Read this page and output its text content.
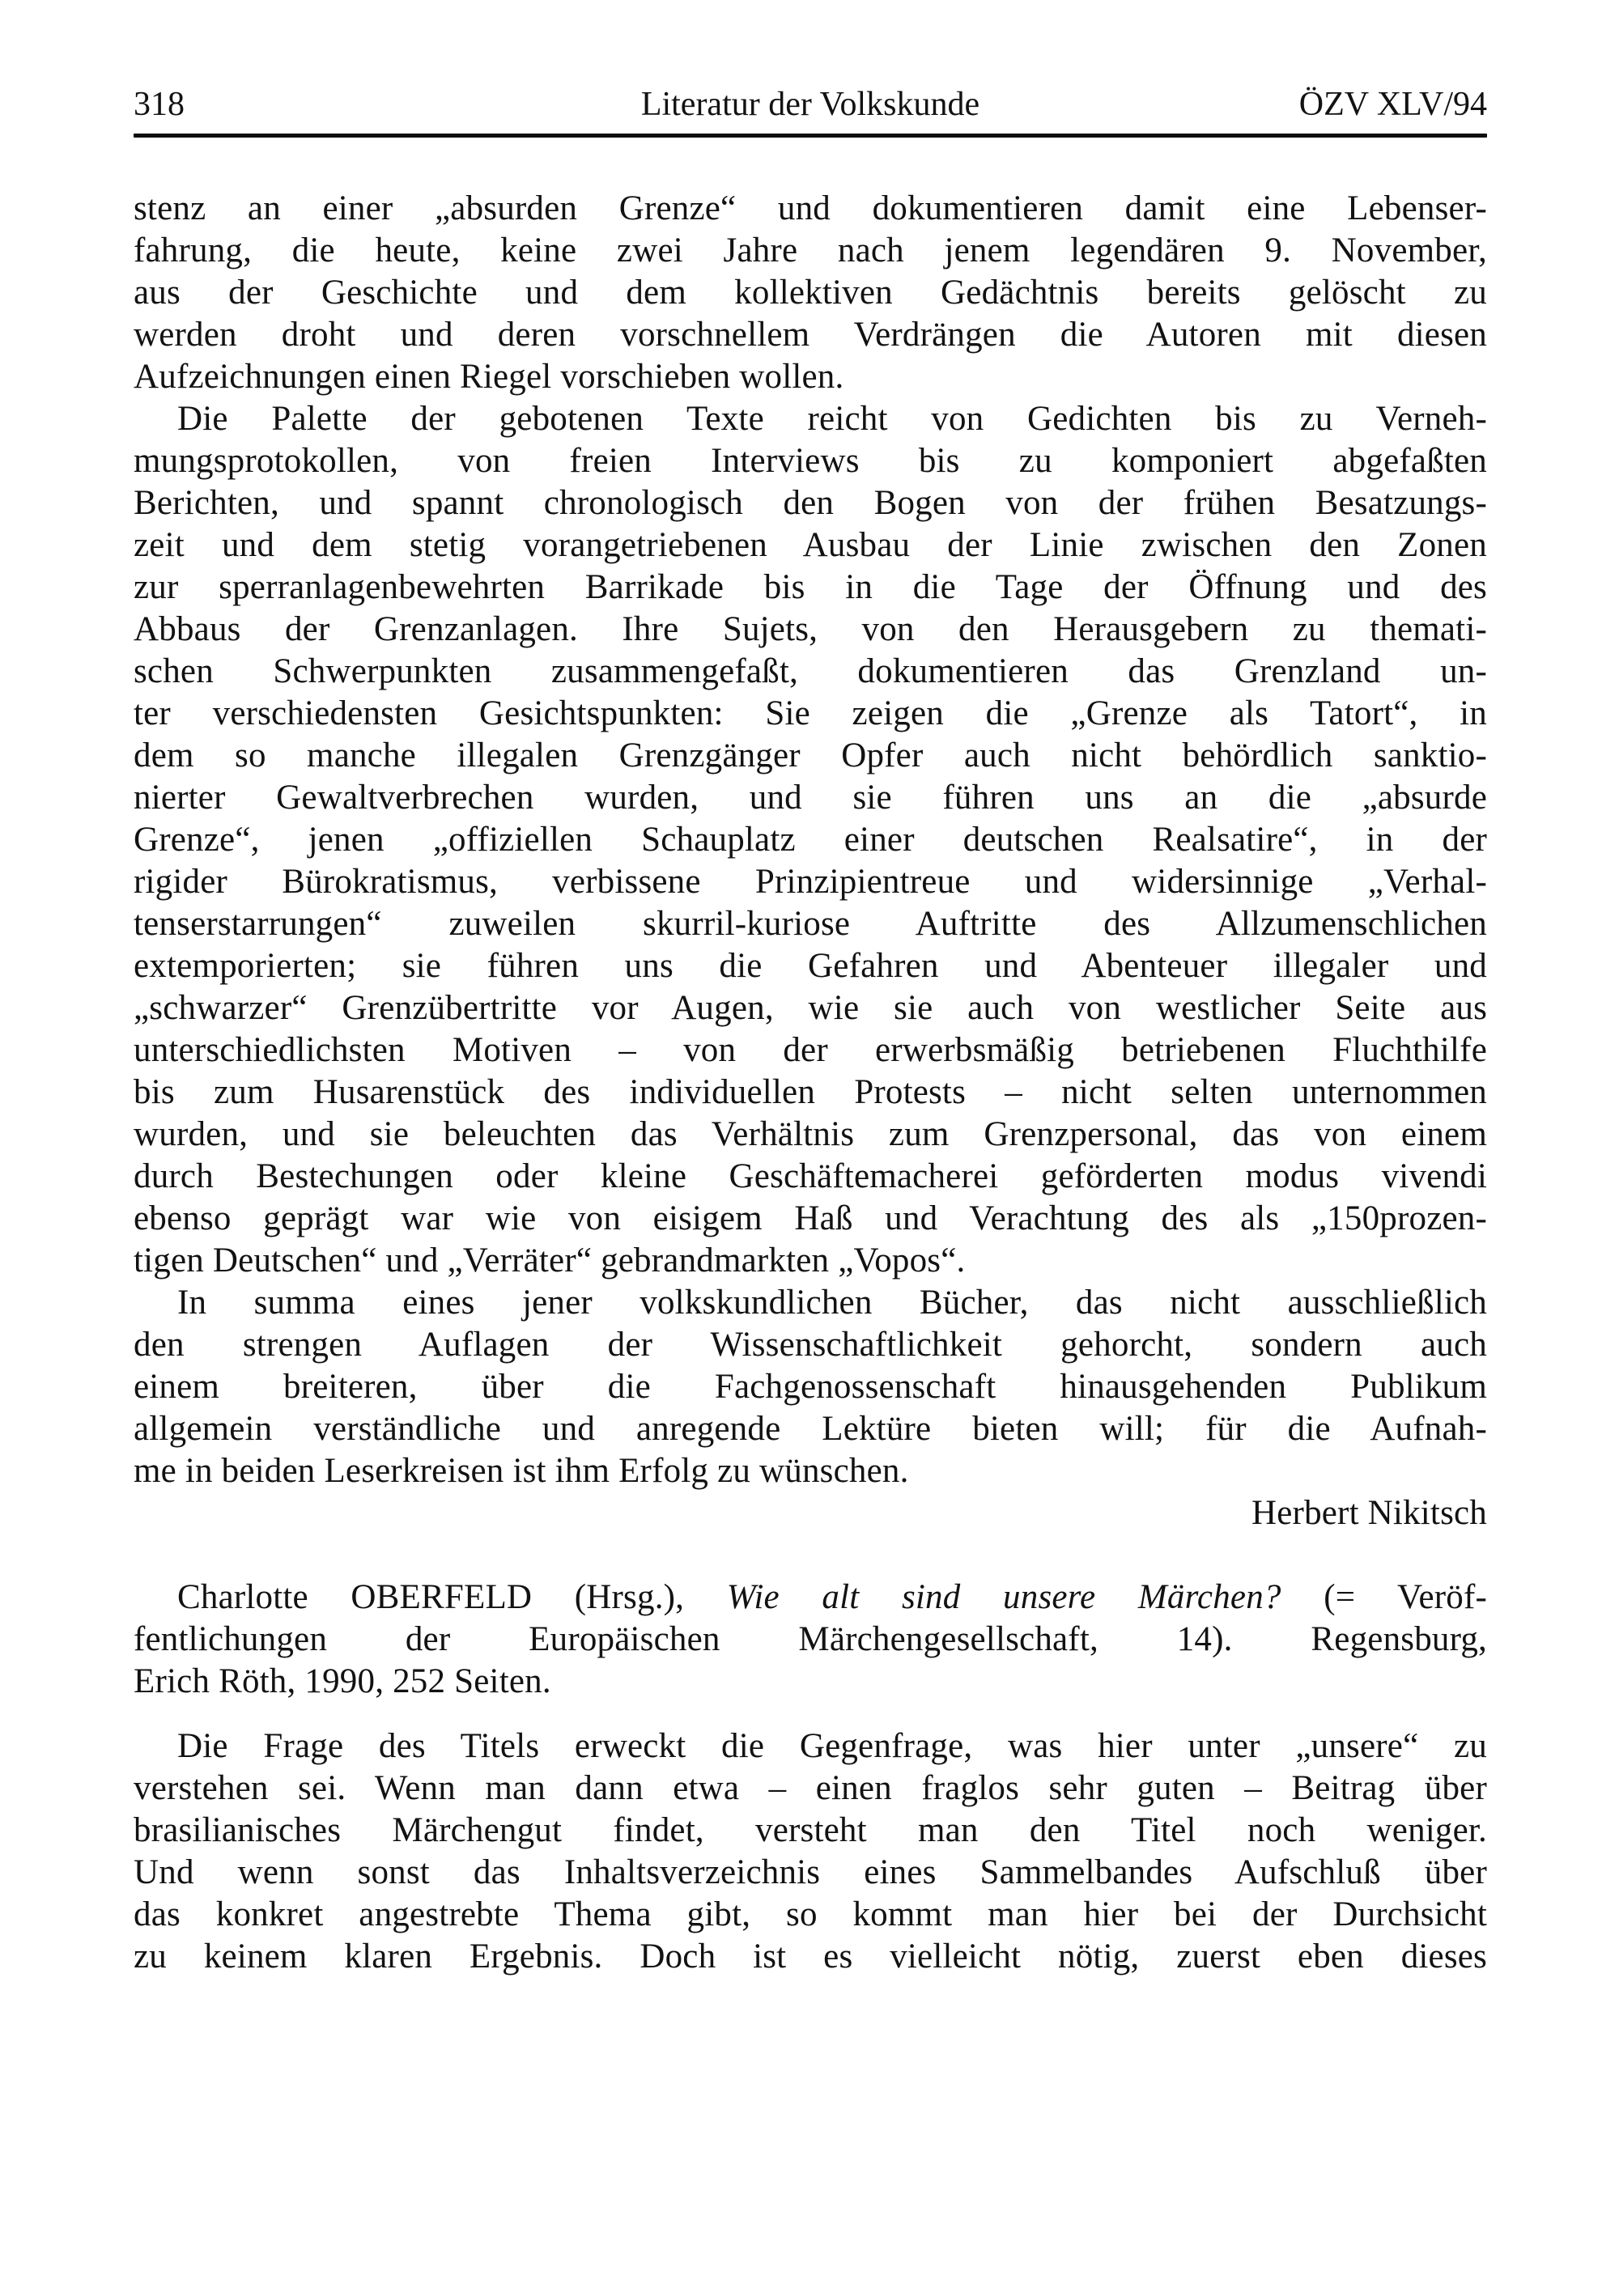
318	Literatur der Volkskunde	ÖZV XLV/94
stenz an einer „absurden Grenze“ und dokumentieren damit eine Lebenser-
fahrung, die heute, keine zwei Jahre nach jenem legendären 9. November,
aus der Geschichte und dem kollektiven Gedächtnis bereits gelöscht zu
werden droht und deren vorschnellem Verdrängen die Autoren mit diesen
Aufzeichnungen einen Riegel vorschieben wollen.
Die Palette der gebotenen Texte reicht von Gedichten bis zu Verneh-
mungsprotokollen, von freien Interviews bis zu komponiert abgefaßten
Berichten, und spannt chronologisch den Bogen von der frühen Besatzungs-
zeit und dem stetig vorangetriebenen Ausbau der Linie zwischen den Zonen
zur sperranlagenbewehrten Barrikade bis in die Tage der Öffnung und des
Abbaus der Grenzanlagen. Ihre Sujets, von den Herausgebern zu themati-
schen Schwerpunkten zusammengefaßt, dokumentieren das Grenzland un-
ter verschiedensten Gesichtspunkten: Sie zeigen die „Grenze als Tatort“, in
dem so manche illegalen Grenzgänger Opfer auch nicht behördlich sanktio-
nierter Gewaltverbrechen wurden, und sie führen uns an die „absurde
Grenze“, jenen „offiziellen Schauplatz einer deutschen Realsatire“, in der
rigider Bürokratismus, verbissene Prinzipientreue und widersinnige „Verhal-
tenserstarrungen“ zuweilen skurril-kuriose Auftritte des Allzumenschlichen
extemporierten; sie führen uns die Gefahren und Abenteuer illegaler und
„schwarzer“ Grenzübertritte vor Augen, wie sie auch von westlicher Seite aus
unterschiedlichsten Motiven – von der erwerbsmäßig betriebenen Fluchthilfe
bis zum Husarenstück des individuellen Protests – nicht selten unternommen
wurden, und sie beleuchten das Verhältnis zum Grenzpersonal, das von einem
durch Bestechungen oder kleine Geschäftemacherei geförderten modus vivendi
ebenso geprägt war wie von eisigem Haß und Verachtung des als „150prozen-
tigen Deutschen“ und „Verräter“ gebrandmarkten „Vopos“.
In summa eines jener volkskundlichen Bücher, das nicht ausschließlich
den strengen Auflagen der Wissenschaftlichkeit gehorcht, sondern auch
einem breiteren, über die Fachgenossenschaft hinausgehenden Publikum
allgemein verständliche und anregende Lektüre bieten will; für die Aufnah-
me in beiden Leserkreisen ist ihm Erfolg zu wünschen.
Herbert Nikitsch
Charlotte OBERFELD (Hrsg.), Wie alt sind unsere Märchen? (= Veröf-
fentlichungen der Europäischen Märchengesellschaft, 14). Regensburg,
Erich Röth, 1990, 252 Seiten.
Die Frage des Titels erweckt die Gegenfrage, was hier unter „unsere“ zu
verstehen sei. Wenn man dann etwa – einen fraglos sehr guten – Beitrag über
brasilianisches Märchengut findet, versteht man den Titel noch weniger.
Und wenn sonst das Inhaltsverzeichnis eines Sammelbandes Aufschluß über
das konkret angestrebte Thema gibt, so kommt man hier bei der Durchsicht
zu keinem klaren Ergebnis. Doch ist es vielleicht nötig, zuerst eben dieses
